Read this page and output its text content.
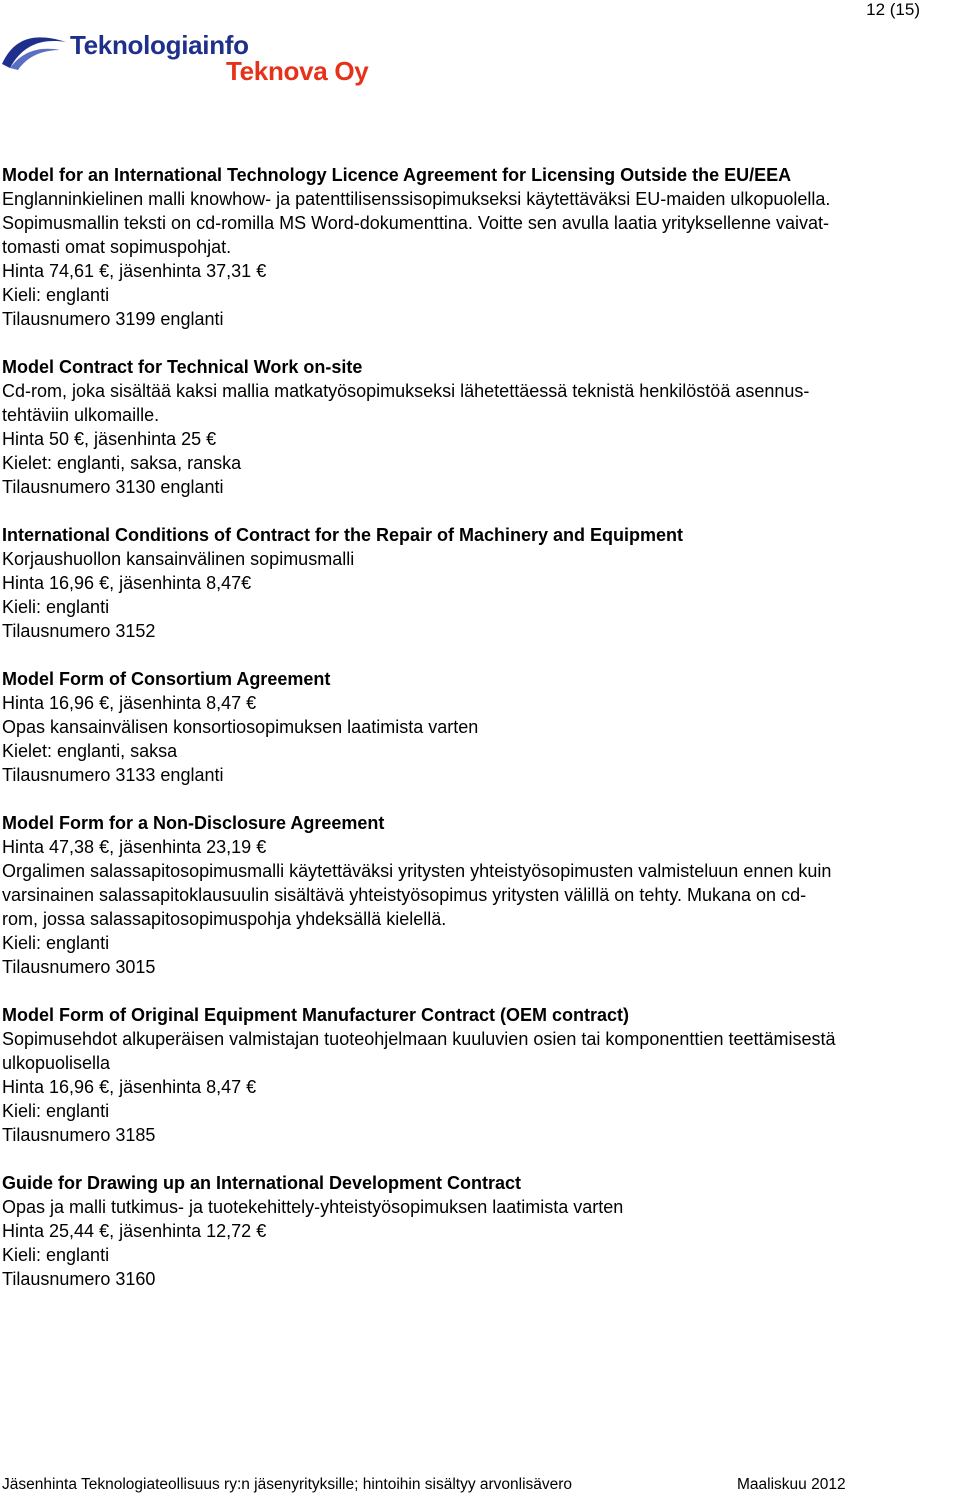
12 (15)
Teknologiainfo
Teknova Oy
Model for an International Technology Licence Agreement for Licensing Outside the EU/EEA
Englanninkielinen malli knowhow- ja patenttilisenssisopimukseksi käytettäväksi EU-maiden ulkopuolella.
Sopimusmallin teksti on cd-romilla MS Word-dokumenttina. Voitte sen avulla laatia yrityksellenne vaivat-
tomasti omat sopimuspohjat.
Hinta 74,61 €, jäsenhinta 37,31 €
Kieli: englanti
Tilausnumero 3199 englanti
Model Contract for Technical Work on-site
Cd-rom, joka sisältää kaksi mallia matkatyösopimukseksi lähetettäessä teknistä henkilöstöä asennus-
tehtäviin ulkomaille.
Hinta 50 €, jäsenhinta 25 €
Kielet: englanti, saksa, ranska
Tilausnumero 3130 englanti
International Conditions of Contract for the Repair of Machinery and Equipment
Korjaushuollon kansainvälinen sopimusmalli
Hinta 16,96 €, jäsenhinta 8,47€
Kieli: englanti
Tilausnumero 3152
Model Form of Consortium Agreement
Hinta 16,96 €, jäsenhinta 8,47 €
Opas kansainvälisen konsortiosopimuksen laatimista varten
Kielet: englanti, saksa
Tilausnumero 3133 englanti
Model Form for a Non-Disclosure Agreement
Hinta 47,38 €, jäsenhinta 23,19 €
Orgalimen salassapitosopimusmalli käytettäväksi yritysten yhteistyösopimusten valmisteluun ennen kuin
varsinainen salassapitoklausuulin sisältävä yhteistyösopimus yritysten välillä on tehty. Mukana on cd-
rom, jossa salassapitosopimuspohja yhdeksällä kielellä.
Kieli: englanti
Tilausnumero 3015
Model Form of Original Equipment Manufacturer Contract (OEM contract)
Sopimusehdot alkuperäisen valmistajan tuoteohjelmaan kuuluvien osien tai komponenttien teettämisestä
ulkopuolisella
Hinta 16,96 €, jäsenhinta 8,47 €
Kieli: englanti
Tilausnumero 3185
Guide for Drawing up an International Development Contract
Opas ja malli tutkimus- ja tuotekehittely-yhteistyösopimuksen laatimista varten
Hinta 25,44 €, jäsenhinta 12,72 €
Kieli: englanti
Tilausnumero 3160
Jäsenhinta Teknologiateollisuus ry:n jäsenyrityksille; hintoihin sisältyy arvonlisävero	Maaliskuu 2012
